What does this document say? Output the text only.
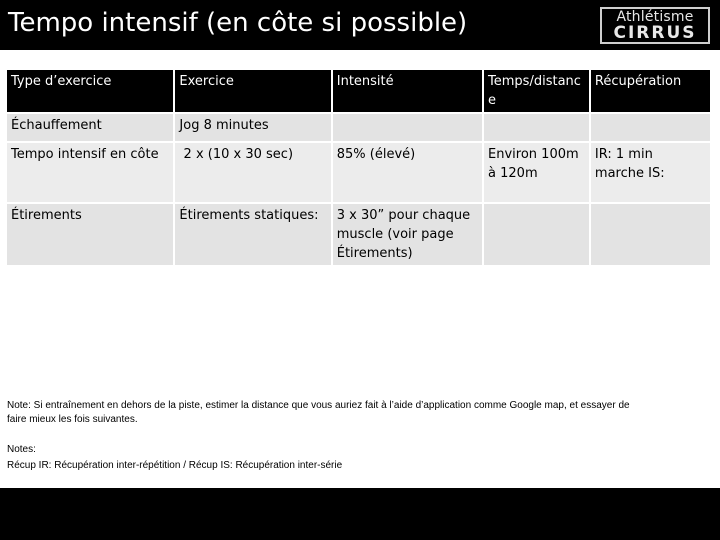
Tempo intensif (en côte si possible)	Athlétisme
CIRRUS
Type d’exercice	Exercice	Intensité	Temps/distance	Récupération
Échauffement	Jog 8 minutes			
Tempo intensif en côte	2 x (10 x 30 sec)	85% (élevé)	Environ 100m à 120m	IR: 1 min marche IS:
Étirements	Étirements statiques:	3 x 30” pour chaque muscle (voir page Étirements)		
Note: Si entraînement en dehors de la piste, estimer la distance que vous auriez fait à l’aide d’application comme Google map, et essayer de faire mieux les fois suivantes.
Notes:
Récup IR: Récupération inter-répétition / Récup IS: Récupération inter-série
